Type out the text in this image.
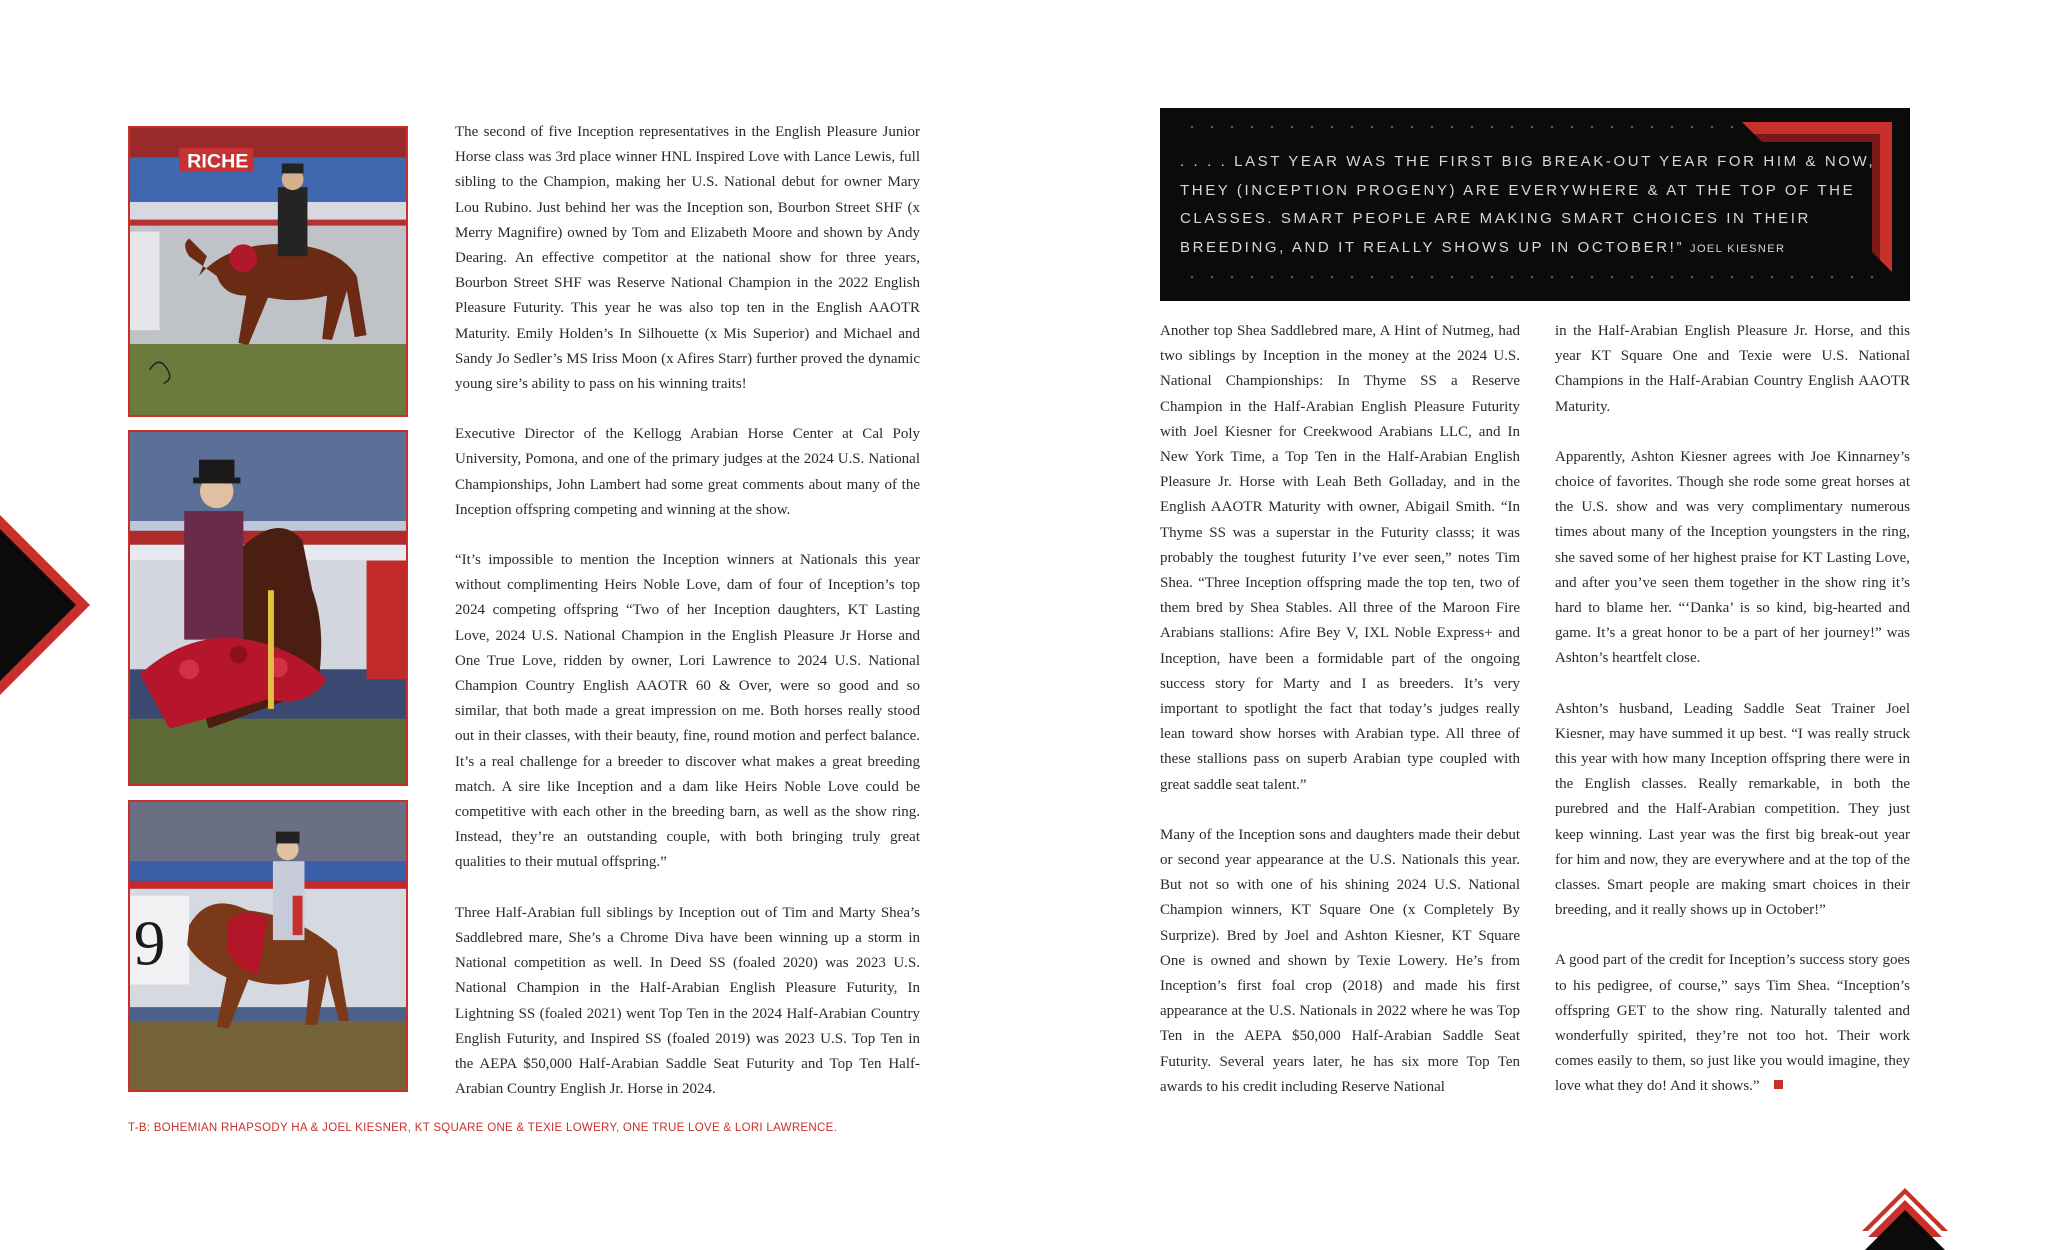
RICHE
9
T-B: BOHEMIAN RHAPSODY HA & JOEL KIESNER, KT SQUARE ONE & TEXIE LOWERY, ONE TRUE LOVE & LORI LAWRENCE.

The second of five Inception representatives in the English Pleasure Junior Horse class was 3rd place winner HNL Inspired Love with Lance Lewis, full sibling to the Champion, making her U.S. National debut for owner Mary Lou Rubino. Just behind her was the Inception son, Bourbon Street SHF (x Merry Magnifire) owned by Tom and Elizabeth Moore and shown by Andy Dearing. An effective competitor at the national show for three years, Bourbon Street SHF was Reserve National Champion in the 2022 English Pleasure Futurity. This year he was also top ten in the English AAOTR Maturity. Emily Holden’s In Silhouette (x Mis Superior) and Michael and Sandy Jo Sedler’s MS Iriss Moon (x Afires Starr) further proved the dynamic young sire’s ability to pass on his winning traits!

Executive Director of the Kellogg Arabian Horse Center at Cal Poly University, Pomona, and one of the primary judges at the 2024 U.S. National Championships, John Lambert had some great comments about many of the Inception offspring competing and winning at the show.

“It’s impossible to mention the Inception winners at Nationals this year without complimenting Heirs Noble Love, dam of four of Inception’s top 2024 competing offspring “Two of her Inception daughters, KT Lasting Love, 2024 U.S. National Champion in the English Pleasure Jr Horse and One True Love, ridden by owner, Lori Lawrence to 2024 U.S. National Champion Country English AAOTR 60 & Over, were so good and so similar, that both made a great impression on me. Both horses really stood out in their classes, with their beauty, fine, round motion and perfect balance. It’s a real challenge for a breeder to discover what makes a great breeding match. A sire like Inception and a dam like Heirs Noble Love could be competitive with each other in the breeding barn, as well as the show ring. Instead, they’re an outstanding couple, with both bringing truly great qualities to their mutual offspring.”

Three Half-Arabian full siblings by Inception out of Tim and Marty Shea’s Saddlebred mare, She’s a Chrome Diva have been winning up a storm in National competition as well. In Deed SS (foaled 2020) was 2023 U.S. National Champion in the Half-Arabian English Pleasure Futurity, In Lightning SS (foaled 2021) went Top Ten in the 2024 Half-Arabian Country English Futurity, and Inspired SS (foaled 2019) was 2023 U.S. Top Ten in the AEPA $50,000 Half-Arabian Saddle Seat Futurity and Top Ten Half-Arabian Country English Jr. Horse in 2024.

. . . . LAST YEAR WAS THE FIRST BIG BREAK-OUT YEAR FOR HIM & NOW, THEY (INCEPTION PROGENY) ARE EVERYWHERE & AT THE TOP OF THE CLASSES. SMART PEOPLE ARE MAKING SMART CHOICES IN THEIR BREEDING, AND IT REALLY SHOWS UP IN OCTOBER!” JOEL KIESNER

Another top Shea Saddlebred mare, A Hint of Nutmeg, had two siblings by Inception in the money at the 2024 U.S. National Championships: In Thyme SS a Reserve Champion in the Half-Arabian English Pleasure Futurity with Joel Kiesner for Creekwood Arabians LLC, and In New York Time, a Top Ten in the Half-Arabian English Pleasure Jr. Horse with Leah Beth Golladay, and in the English AAOTR Maturity with owner, Abigail Smith. “In Thyme SS was a superstar in the Futurity classs; it was probably the toughest futurity I’ve ever seen,” notes Tim Shea. “Three Inception offspring made the top ten, two of them bred by Shea Stables. All three of the Maroon Fire Arabians stallions: Afire Bey V, IXL Noble Express+ and Inception, have been a formidable part of the ongoing success story for Marty and I as breeders. It’s very important to spotlight the fact that today’s judges really lean toward show horses with Arabian type. All three of these stallions pass on superb Arabian type coupled with great saddle seat talent.”

Many of the Inception sons and daughters made their debut or second year appearance at the U.S. Nationals this year. But not so with one of his shining 2024 U.S. National Champion winners, KT Square One (x Completely By Surprize). Bred by Joel and Ashton Kiesner, KT Square One is owned and shown by Texie Lowery. He’s from Inception’s first foal crop (2018) and made his first appearance at the U.S. Nationals in 2022 where he was Top Ten in the AEPA $50,000 Half-Arabian Saddle Seat Futurity. Several years later, he has six more Top Ten awards to his credit including Reserve National

in the Half-Arabian English Pleasure Jr. Horse, and this year KT Square One and Texie were U.S. National Champions in the Half-Arabian Country English AAOTR Maturity.

Apparently, Ashton Kiesner agrees with Joe Kinnarney’s choice of favorites. Though she rode some great horses at the U.S. show and was very complimentary numerous times about many of the Inception youngsters in the ring, she saved some of her highest praise for KT Lasting Love, and after you’ve seen them together in the show ring it’s hard to blame her. “‘Danka’ is so kind, big-hearted and game. It’s a great honor to be a part of her journey!” was Ashton’s heartfelt close.

Ashton’s husband, Leading Saddle Seat Trainer Joel Kiesner, may have summed it up best. “I was really struck this year with how many Inception offspring there were in the English classes. Really remarkable, in both the purebred and the Half-Arabian competition. They just keep winning. Last year was the first big break-out year for him and now, they are everywhere and at the top of the classes. Smart people are making smart choices in their breeding, and it really shows up in October!”

A good part of the credit for Inception’s success story goes to his pedigree, of course,” says Tim Shea. “Inception’s offspring GET to the show ring. Naturally talented and wonderfully spirited, they’re not too hot. Their work comes easily to them, so just like you would imagine, they love what they do! And it shows.”
